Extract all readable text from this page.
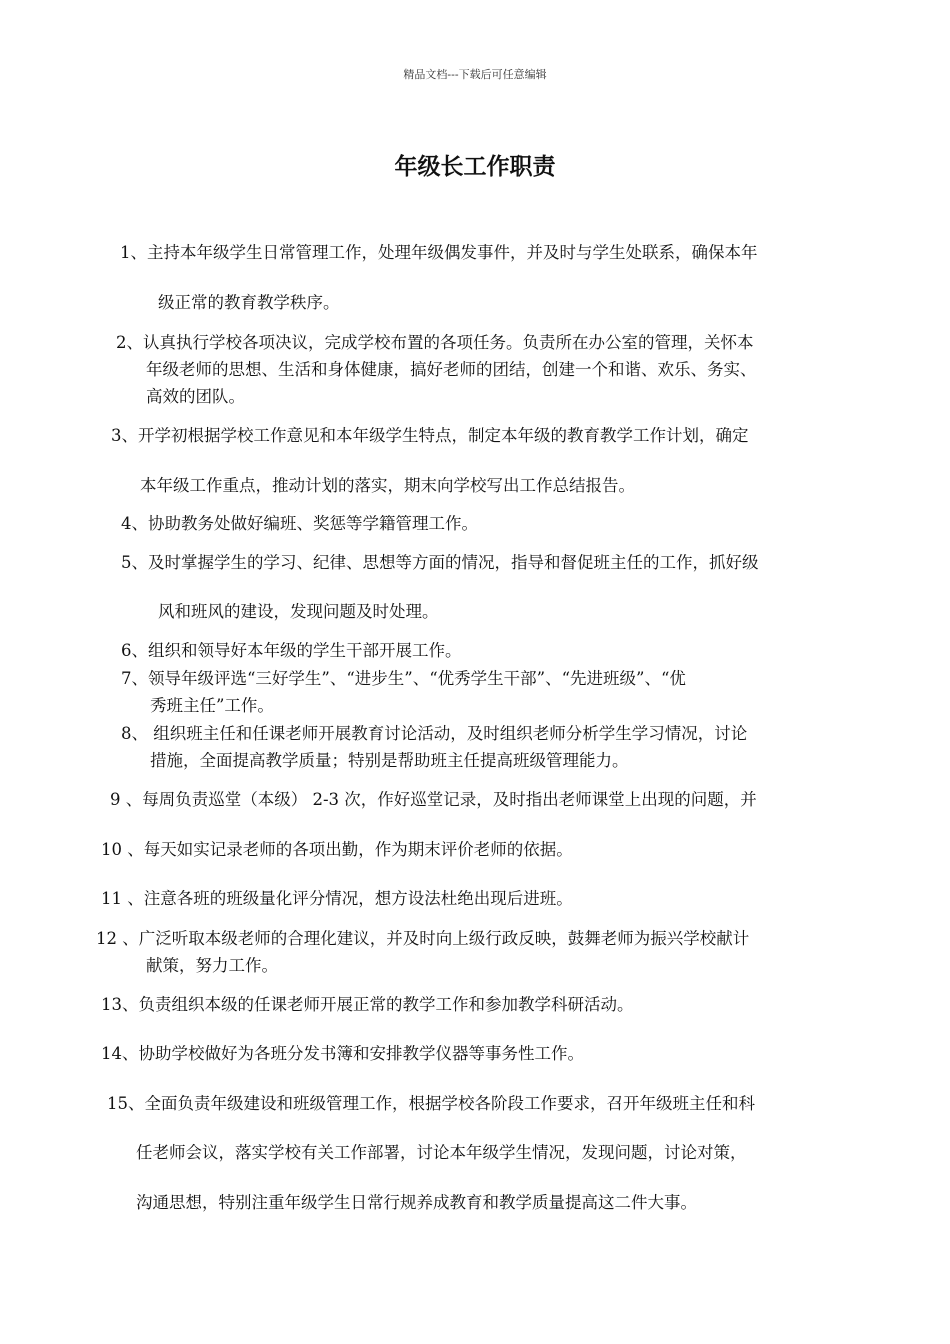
精品文档---下载后可任意编辑
年级长工作职责
1、主持本年级学生日常管理工作，处理年级偶发事件，并及时与学生处联系，确保本年
级正常的教育教学秩序。
2、认真执行学校各项决议，完成学校布置的各项任务。负责所在办公室的管理，关怀本
年级老师的思想、生活和身体健康，搞好老师的团结，创建一个和谐、欢乐、务实、
高效的团队。
3、开学初根据学校工作意见和本年级学生特点，制定本年级的教育教学工作计划，确定
本年级工作重点，推动计划的落实，期末向学校写出工作总结报告。
4、协助教务处做好编班、奖惩等学籍管理工作。
5、及时掌握学生的学习、纪律、思想等方面的情况，指导和督促班主任的工作，抓好级
风和班风的建设，发现问题及时处理。
6、组织和领导好本年级的学生干部开展工作。
7、领导年级评选“三好学生”、“进步生”、“优秀学生干部”、“先进班级”、“优
秀班主任”工作。
8、 组织班主任和任课老师开展教育讨论活动，及时组织老师分析学生学习情况，讨论
措施，全面提高教学质量；特别是帮助班主任提高班级管理能力。
9 、每周负责巡堂（本级） 2-3 次，作好巡堂记录，及时指出老师课堂上出现的问题，并
10 、每天如实记录老师的各项出勤，作为期末评价老师的依据。
11 、注意各班的班级量化评分情况，想方设法杜绝出现后进班。
12 、广泛听取本级老师的合理化建议，并及时向上级行政反映，鼓舞老师为振兴学校献计
献策，努力工作。
13、负责组织本级的任课老师开展正常的教学工作和参加教学科研活动。
14、协助学校做好为各班分发书簿和安排教学仪器等事务性工作。
15、全面负责年级建设和班级管理工作，根据学校各阶段工作要求，召开年级班主任和科
任老师会议，落实学校有关工作部署，讨论本年级学生情况，发现问题，讨论对策，
沟通思想，特别注重年级学生日常行规养成教育和教学质量提高这二件大事。
